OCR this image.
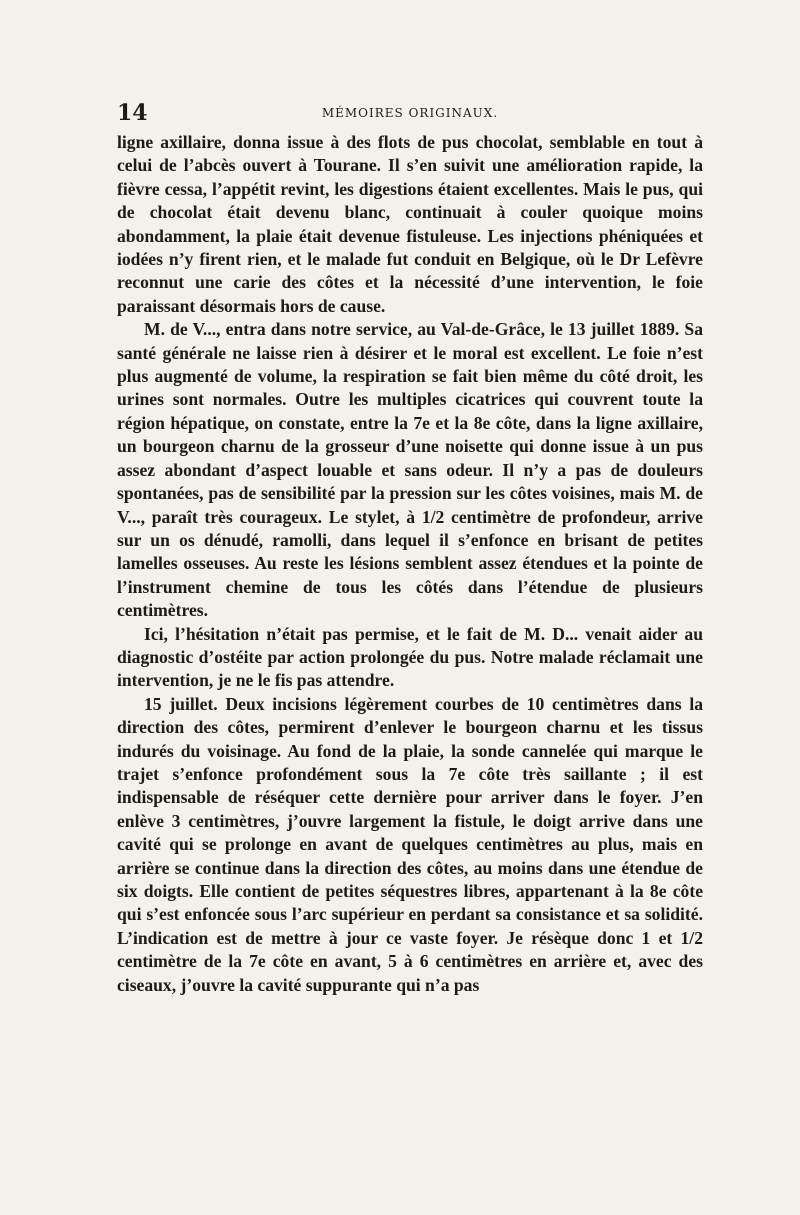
14	MÉMOIRES ORIGINAUX.

ligne axillaire, donna issue à des flots de pus chocolat, semblable en tout à celui de l’abcès ouvert à Tourane. Il s’en suivit une amélioration rapide, la fièvre cessa, l’appétit revint, les digestions étaient excellentes. Mais le pus, qui de chocolat était devenu blanc, continuait à couler quoique moins abondamment, la plaie était devenue fistuleuse. Les injections phéniquées et iodées n’y firent rien, et le malade fut conduit en Belgique, où le Dr Lefèvre reconnut une carie des côtes et la nécessité d’une intervention, le foie paraissant désormais hors de cause.

M. de V..., entra dans notre service, au Val-de-Grâce, le 13 juillet 1889. Sa santé générale ne laisse rien à désirer et le moral est excellent. Le foie n’est plus augmenté de volume, la respiration se fait bien même du côté droit, les urines sont normales. Outre les multiples cicatrices qui couvrent toute la région hépatique, on constate, entre la 7e et la 8e côte, dans la ligne axillaire, un bourgeon charnu de la grosseur d’une noisette qui donne issue à un pus assez abondant d’aspect louable et sans odeur. Il n’y a pas de douleurs spontanées, pas de sensibilité par la pression sur les côtes voisines, mais M. de V..., paraît très courageux. Le stylet, à 1/2 centimètre de profondeur, arrive sur un os dénudé, ramolli, dans lequel il s’enfonce en brisant de petites lamelles osseuses. Au reste les lésions semblent assez étendues et la pointe de l’instrument chemine de tous les côtés dans l’étendue de plusieurs centimètres.

Ici, l’hésitation n’était pas permise, et le fait de M. D... venait aider au diagnostic d’ostéite par action prolongée du pus. Notre malade réclamait une intervention, je ne le fis pas attendre.

15 juillet. Deux incisions légèrement courbes de 10 centimètres dans la direction des côtes, permirent d’enlever le bourgeon charnu et les tissus indurés du voisinage. Au fond de la plaie, la sonde cannelée qui marque le trajet s’enfonce profondément sous la 7e côte très saillante ; il est indispensable de réséquer cette dernière pour arriver dans le foyer. J’en enlève 3 centimètres, j’ouvre largement la fistule, le doigt arrive dans une cavité qui se prolonge en avant de quelques centimètres au plus, mais en arrière se continue dans la direction des côtes, au moins dans une étendue de six doigts. Elle contient de petites séquestres libres, appartenant à la 8e côte qui s’est enfoncée sous l’arc supérieur en perdant sa consistance et sa solidité. L’indication est de mettre à jour ce vaste foyer. Je résèque donc 1 et 1/2 centimètre de la 7e côte en avant, 5 à 6 centimètres en arrière et, avec des ciseaux, j’ouvre la cavité suppurante qui n’a pas
